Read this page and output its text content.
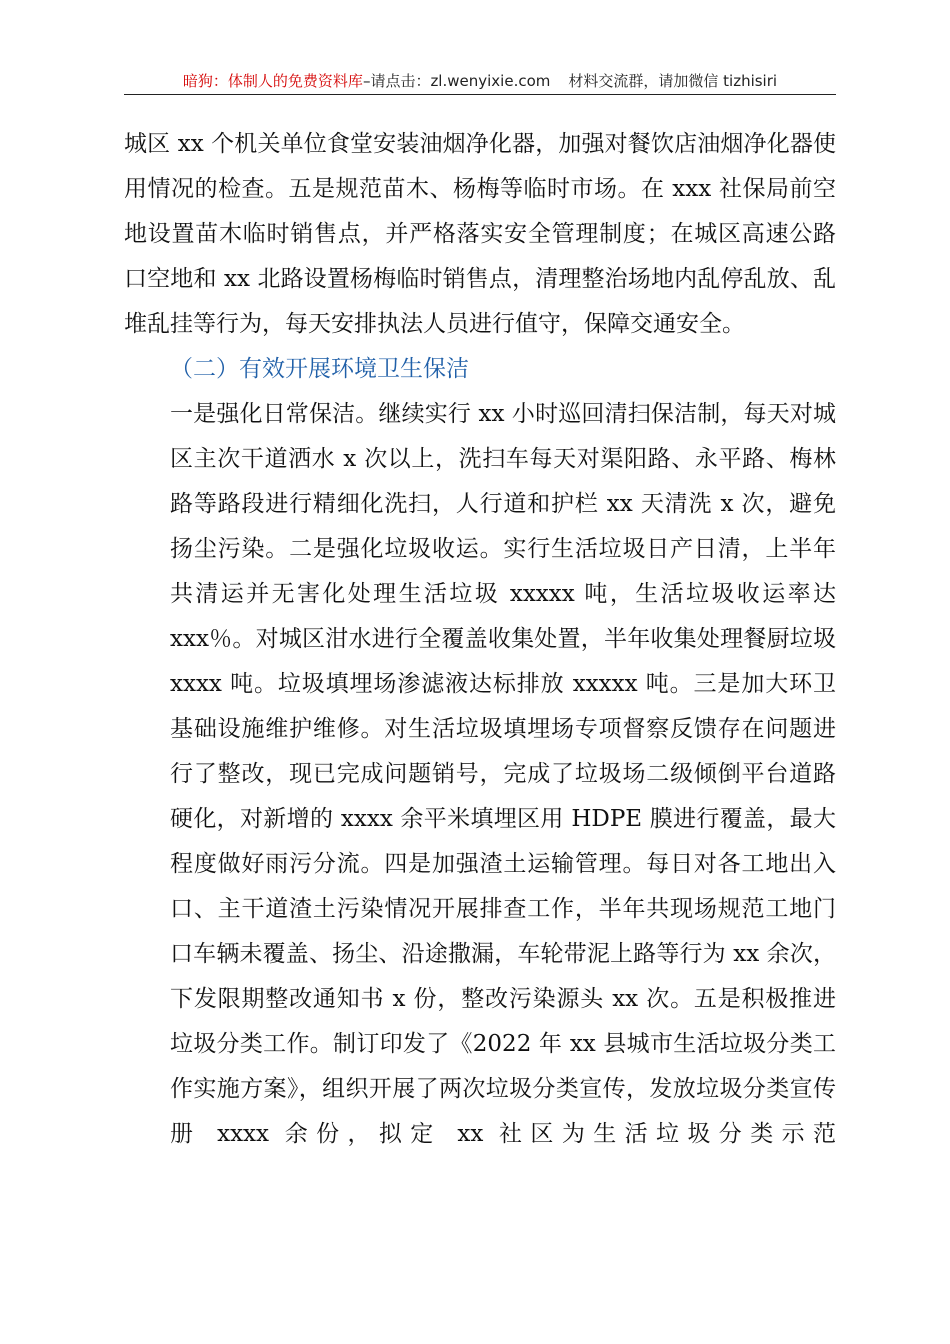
暗狗：体制人的免费资料库–请点击：zl.wenyixie.com 材料交流群，请加微信 tizhisiri

城区 xx 个机关单位食堂安装油烟净化器，加强对餐饮店油烟净化器使用情况的检查。五是规范苗木、杨梅等临时市场。在 xxx 社保局前空地设置苗木临时销售点，并严格落实安全管理制度；在城区高速公路口空地和 xx 北路设置杨梅临时销售点，清理整治场地内乱停乱放、乱堆乱挂等行为，每天安排执法人员进行值守，保障交通安全。

（二）有效开展环境卫生保洁

一是强化日常保洁。继续实行 xx 小时巡回清扫保洁制，每天对城区主次干道洒水 x 次以上，洗扫车每天对渠阳路、永平路、梅林路等路段进行精细化洗扫，人行道和护栏 xx 天清洗 x 次，避免扬尘污染。二是强化垃圾收运。实行生活垃圾日产日清，上半年共清运并无害化处理生活垃圾 xxxxx 吨，生活垃圾收运率达 xxx％。对城区泔水进行全覆盖收集处置，半年收集处理餐厨垃圾 xxxx 吨。垃圾填埋场渗滤液达标排放 xxxxx 吨。三是加大环卫基础设施维护维修。对生活垃圾填埋场专项督察反馈存在问题进行了整改，现已完成问题销号，完成了垃圾场二级倾倒平台道路硬化，对新增的 xxxx 余平米填埋区用 HDPE 膜进行覆盖，最大程度做好雨污分流。四是加强渣土运输管理。每日对各工地出入口、主干道渣土污染情况开展排查工作，半年共现场规范工地门口车辆未覆盖、扬尘、沿途撒漏，车轮带泥上路等行为 xx 余次，下发限期整改通知书 x 份，整改污染源头 xx 次。五是积极推进垃圾分类工作。制订印发了《2022 年 xx 县城市生活垃圾分类工作实施方案》，组织开展了两次垃圾分类宣传，发放垃圾分类宣传册 xxxx 余份，拟定 xx 社区为生活垃圾分类示范
